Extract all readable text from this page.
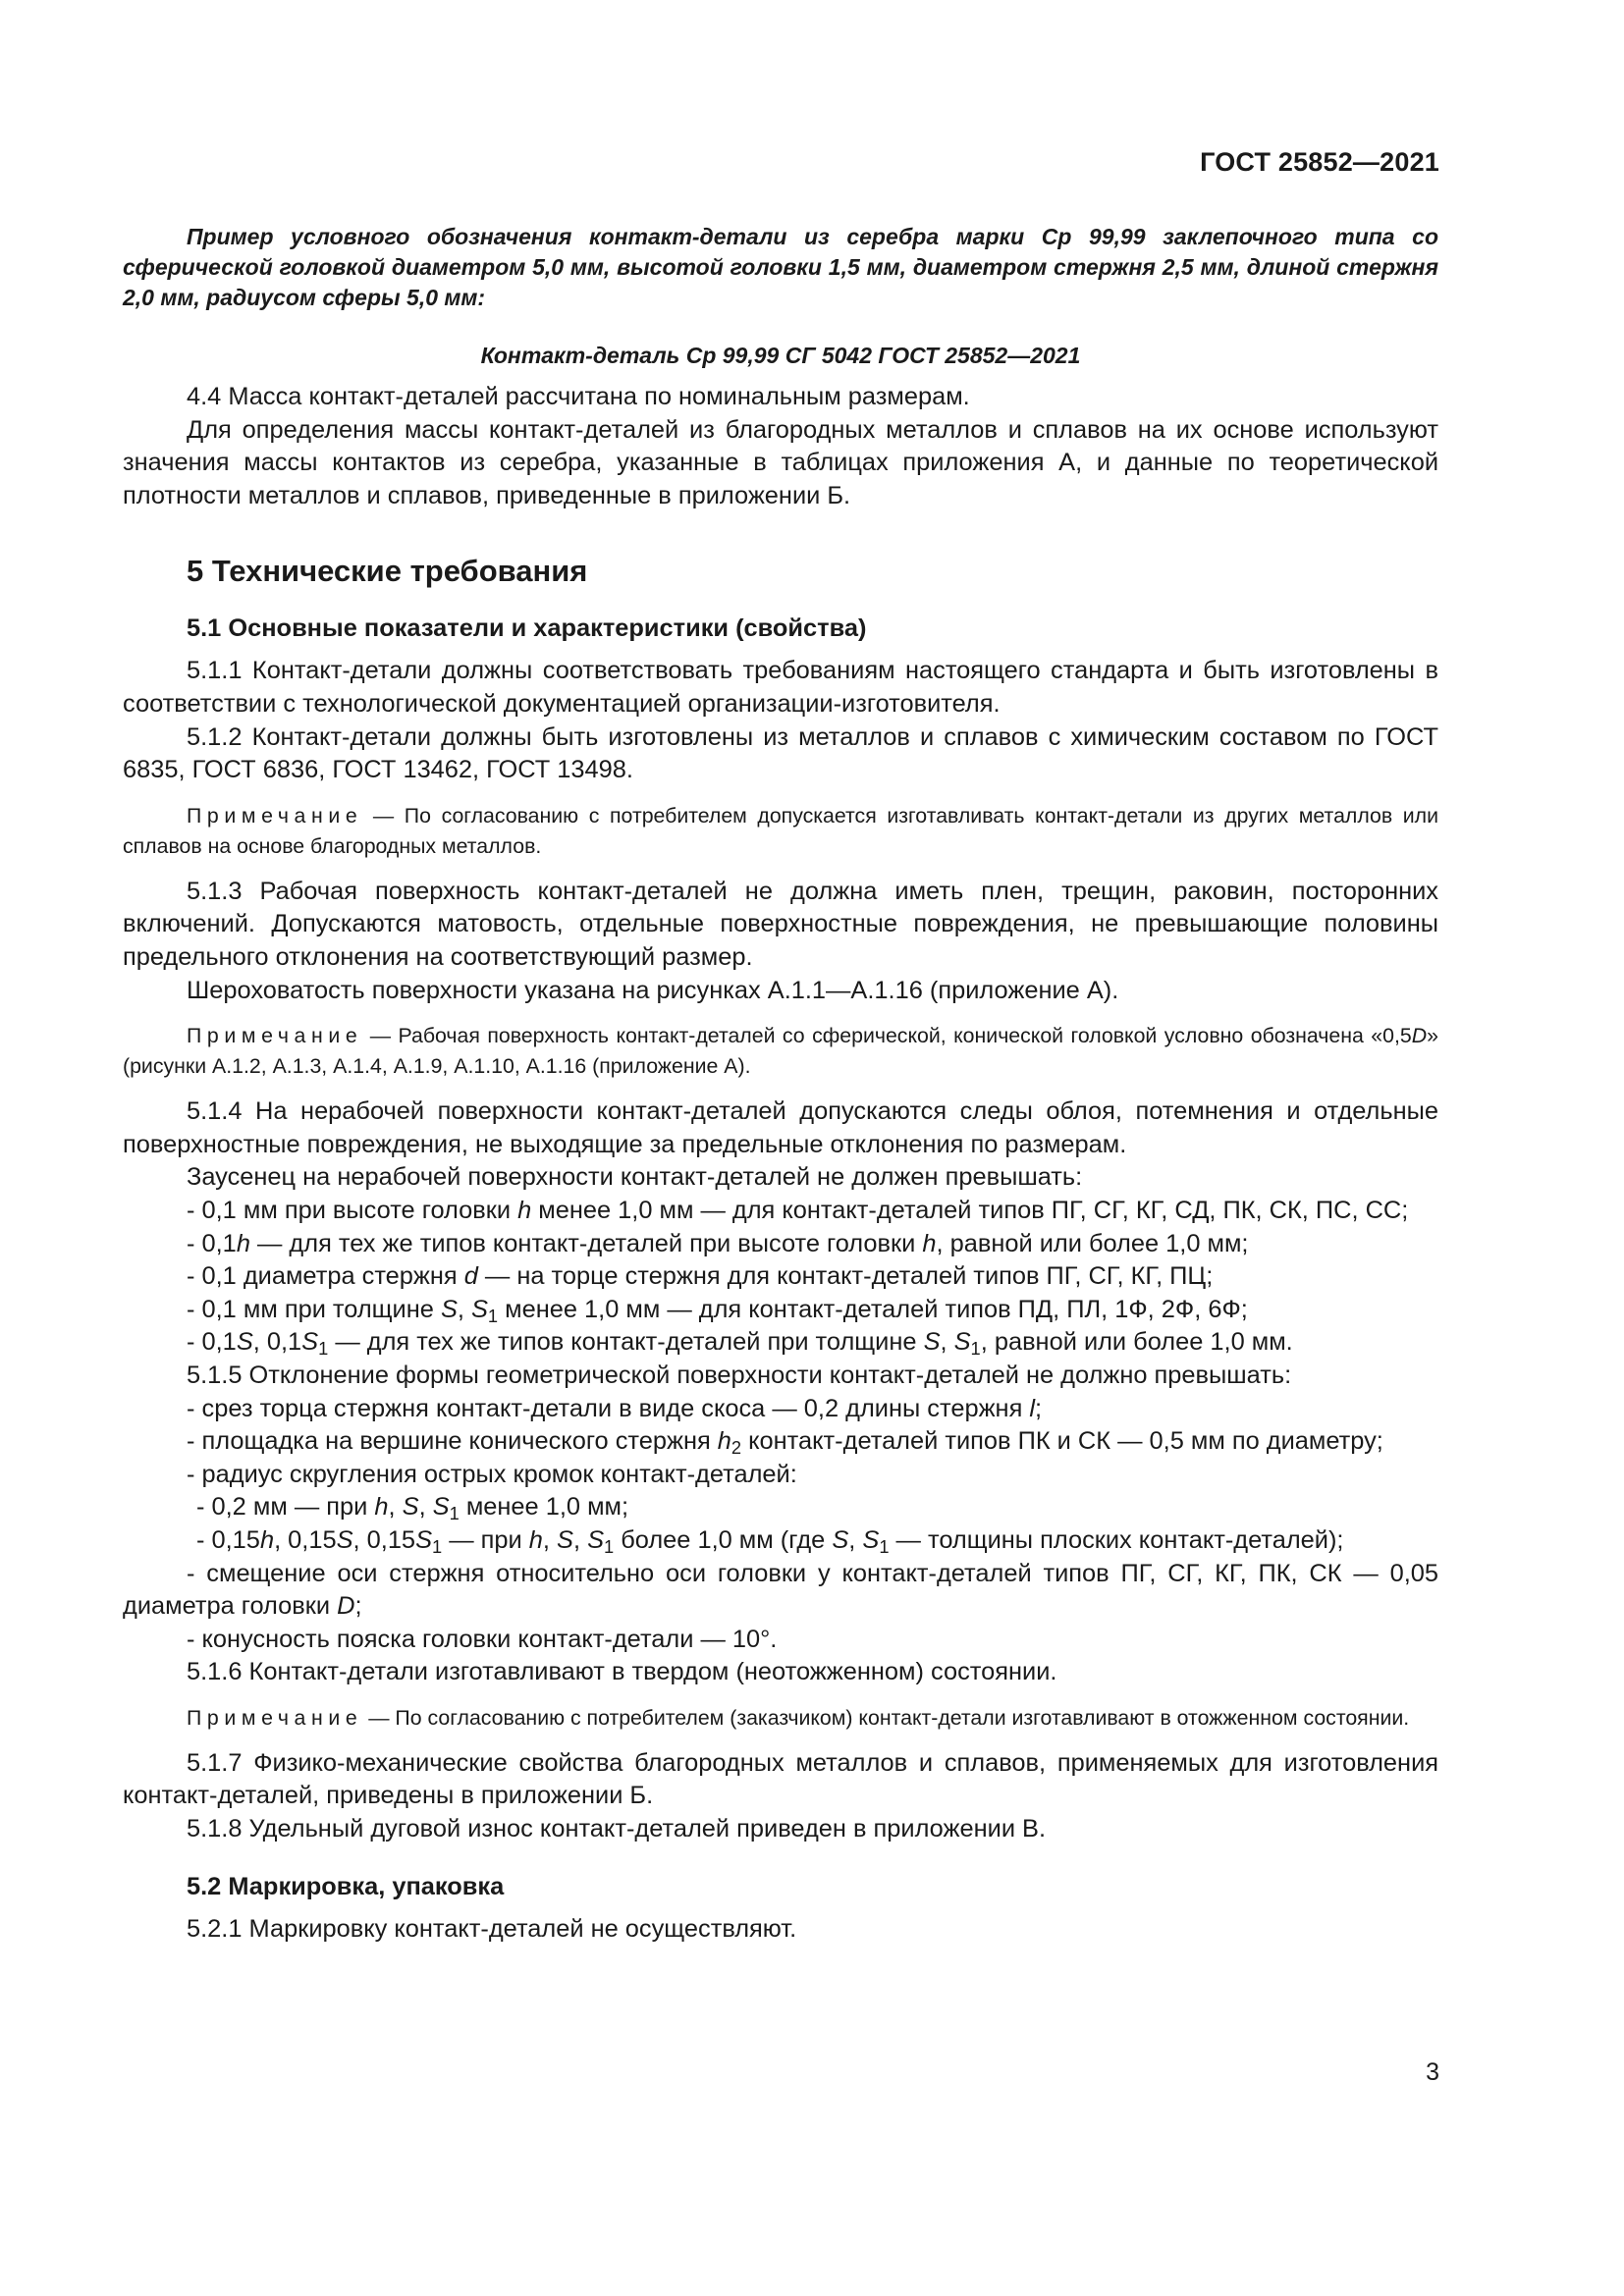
ГОСТ 25852—2021

Пример условного обозначения контакт-детали из серебра марки Ср 99,99 заклепочного типа со сферической головкой диаметром 5,0 мм, высотой головки 1,5 мм, диаметром стержня 2,5 мм, длиной стержня 2,0 мм, радиусом сферы 5,0 мм:

Контакт-деталь Ср 99,99 СГ 5042 ГОСТ 25852—2021

4.4 Масса контакт-деталей рассчитана по номинальным размерам.

Для определения массы контакт-деталей из благородных металлов и сплавов на их основе используют значения массы контактов из серебра, указанные в таблицах приложения А, и данные по теоретической плотности металлов и сплавов, приведенные в приложении Б.

5 Технические требования
5.1 Основные показатели и характеристики (свойства)

5.1.1 Контакт-детали должны соответствовать требованиям настоящего стандарта и быть изготовлены в соответствии с технологической документацией организации-изготовителя.

5.1.2 Контакт-детали должны быть изготовлены из металлов и сплавов с химическим составом по ГОСТ 6835, ГОСТ 6836, ГОСТ 13462, ГОСТ 13498.

Примечание — По согласованию с потребителем допускается изготавливать контакт-детали из других металлов или сплавов на основе благородных металлов.

5.1.3 Рабочая поверхность контакт-деталей не должна иметь плен, трещин, раковин, посторонних включений. Допускаются матовость, отдельные поверхностные повреждения, не превышающие половины предельного отклонения на соответствующий размер.

Шероховатость поверхности указана на рисунках А.1.1—А.1.16 (приложение А).

Примечание — Рабочая поверхность контакт-деталей со сферической, конической головкой условно обозначена «0,5D» (рисунки А.1.2, А.1.3, А.1.4, А.1.9, А.1.10, А.1.16 (приложение А).

5.1.4 На нерабочей поверхности контакт-деталей допускаются следы облоя, потемнения и отдельные поверхностные повреждения, не выходящие за предельные отклонения по размерам.

Заусенец на нерабочей поверхности контакт-деталей не должен превышать:

- 0,1 мм при высоте головки h менее 1,0 мм — для контакт-деталей типов ПГ, СГ, КГ, СД, ПК, СК, ПС, СС;

- 0,1h — для тех же типов контакт-деталей при высоте головки h, равной или более 1,0 мм;

- 0,1 диаметра стержня d — на торце стержня для контакт-деталей типов ПГ, СГ, КГ, ПЦ;

- 0,1 мм при толщине S, $S_1$ менее 1,0 мм — для контакт-деталей типов ПД, ПЛ, 1Ф, 2Ф, 6Ф;

- 0,1S, $0,1S_1$ — для тех же типов контакт-деталей при толщине S, $S_1$, равной или более 1,0 мм.

5.1.5 Отклонение формы геометрической поверхности контакт-деталей не должно превышать:

- срез торца стержня контакт-детали в виде скоса — 0,2 длины стержня l;

- площадка на вершине конического стержня $h_2$ контакт-деталей типов ПК и СК — 0,5 мм по диаметру;

- радиус скругления острых кромок контакт-деталей:

- 0,2 мм — при h, S, $S_1$ менее 1,0 мм;

- 0,15h, 0,15S, $0,15S_1$ — при h, S, $S_1$ более 1,0 мм (где S, $S_1$ — толщины плоских контакт-деталей);

- смещение оси стержня относительно оси головки у контакт-деталей типов ПГ, СГ, КГ, ПК, СК — 0,05 диаметра головки D;

- конусность пояска головки контакт-детали — 10°.

5.1.6 Контакт-детали изготавливают в твердом (неотожженном) состоянии.

Примечание — По согласованию с потребителем (заказчиком) контакт-детали изготавливают в отожженном состоянии.

5.1.7 Физико-механические свойства благородных металлов и сплавов, применяемых для изготовления контакт-деталей, приведены в приложении Б.

5.1.8 Удельный дуговой износ контакт-деталей приведен в приложении В.

5.2 Маркировка, упаковка

5.2.1 Маркировку контакт-деталей не осуществляют.

3
